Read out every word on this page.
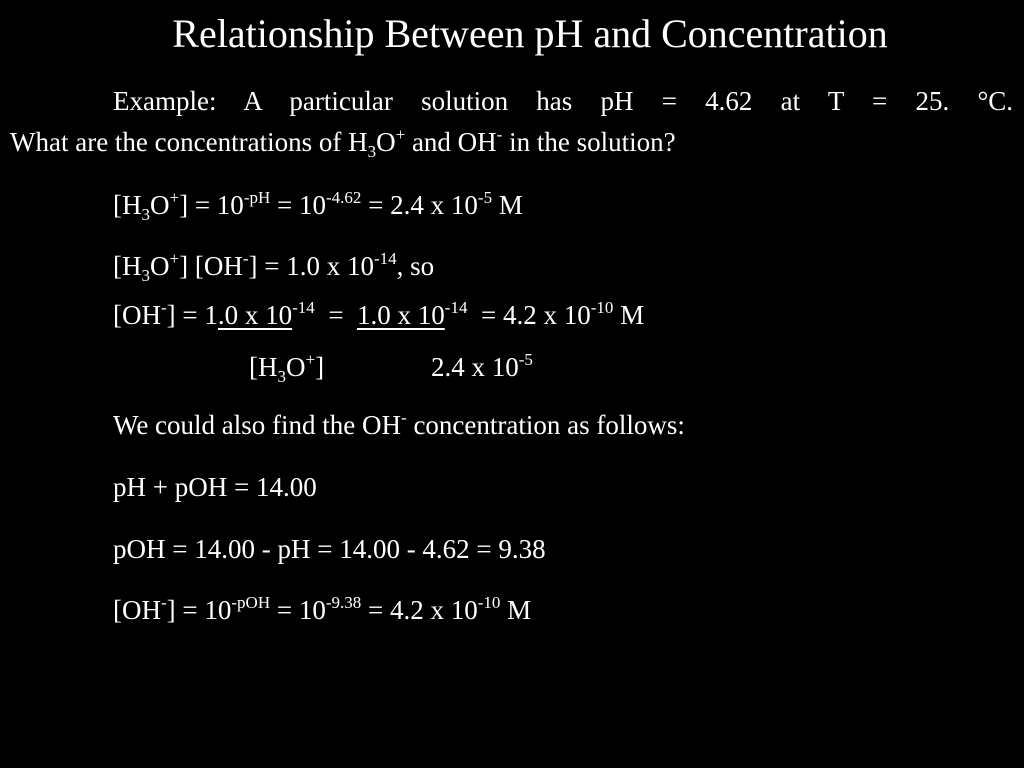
Relationship Between pH and Concentration
Example: A particular solution has pH = 4.62 at T = 25. °C.
What are the concentrations of $H_3O^+$ and OH- in the solution?
$[H_3O^+] = 10^{-pH} = 10^{-4.62} = 2.4$ x $10^{-5}$ M
$[H_3O^+] [OH^-] = 1.0$ x $10^{-14}$, so
[OH-] = 1.0 x $10^{-14} = 1.0$ x $10^{-14} = 4.2$ x $10^{-10}$ M
$[H_3O^+]$	2.4 x $10^{-5}$
We could also find the OH- concentration as follows:
pH + pOH = 14.00
pOH = 14.00 - pH = 14.00 - 4.62 = 9.38
$[OH^-] = 10^{-pOH} = 10^{-9.38} = 4.2$ x $10^{-10}$ M
